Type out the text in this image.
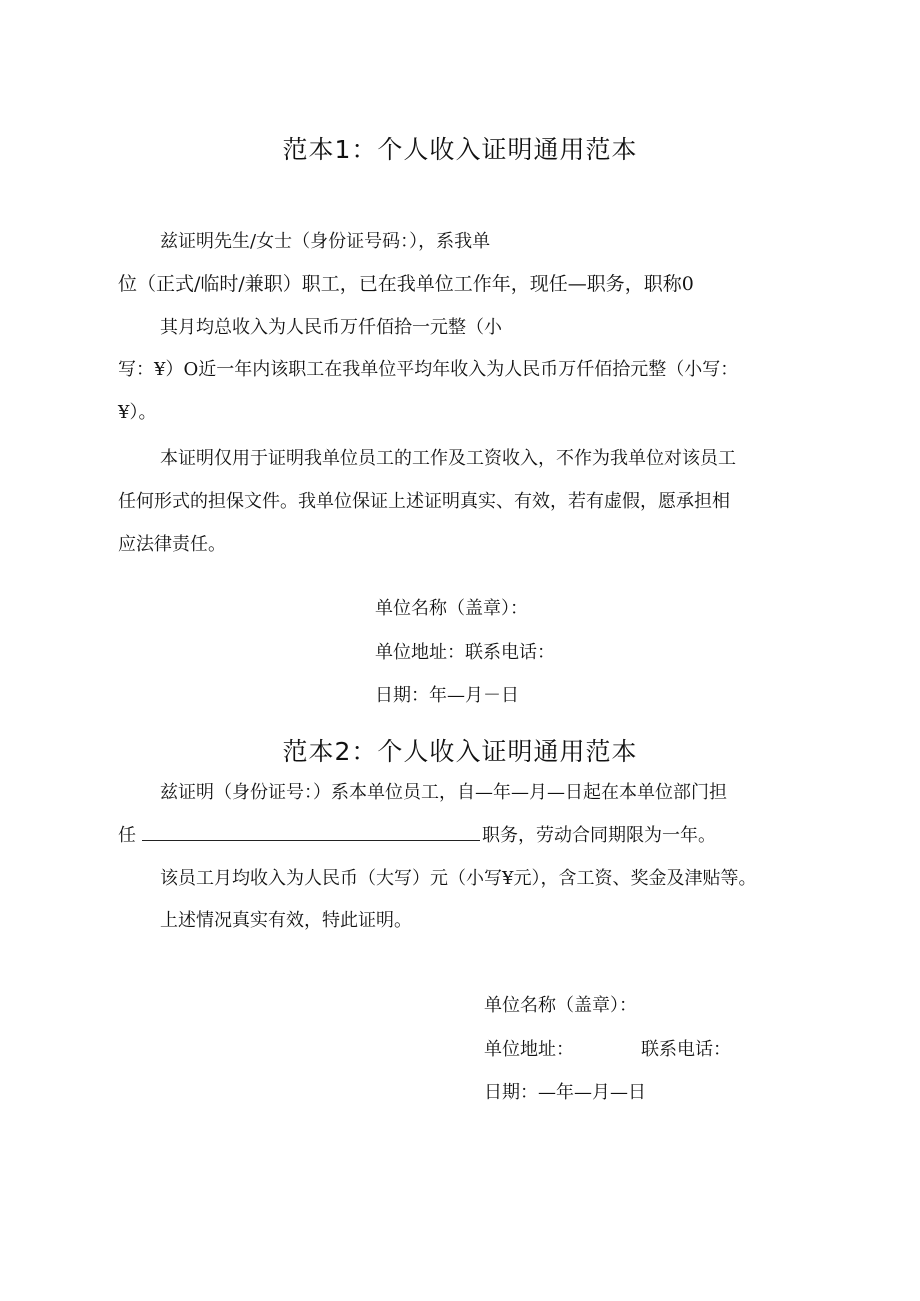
范本1：个人收入证明通用范本
兹证明先生/女士（身份证号码：），系我单
位（正式/临时/兼职）职工，已在我单位工作年，现任—职务，职称0
其月均总收入为人民币万仟佰拾一元整（小
写：¥）O近一年内该职工在我单位平均年收入为人民币万仟佰拾元整（小写：
¥）。
本证明仅用于证明我单位员工的工作及工资收入，不作为我单位对该员工
任何形式的担保文件。我单位保证上述证明真实、有效，若有虚假，愿承担相
应法律责任。
单位名称（盖章）：
单位地址：联系电话：
日期：年—月－日
范本2：个人收入证明通用范本
兹证明（身份证号：）系本单位员工，自—年—月—日起在本单位部门担
任	职务，劳动合同期限为一年。
该员工月均收入为人民币（大写）元（小写¥元），含工资、奖金及津贴等。
上述情况真实有效，特此证明。
单位名称（盖章）：
单位地址：	联系电话：
日期：—年—月—日
